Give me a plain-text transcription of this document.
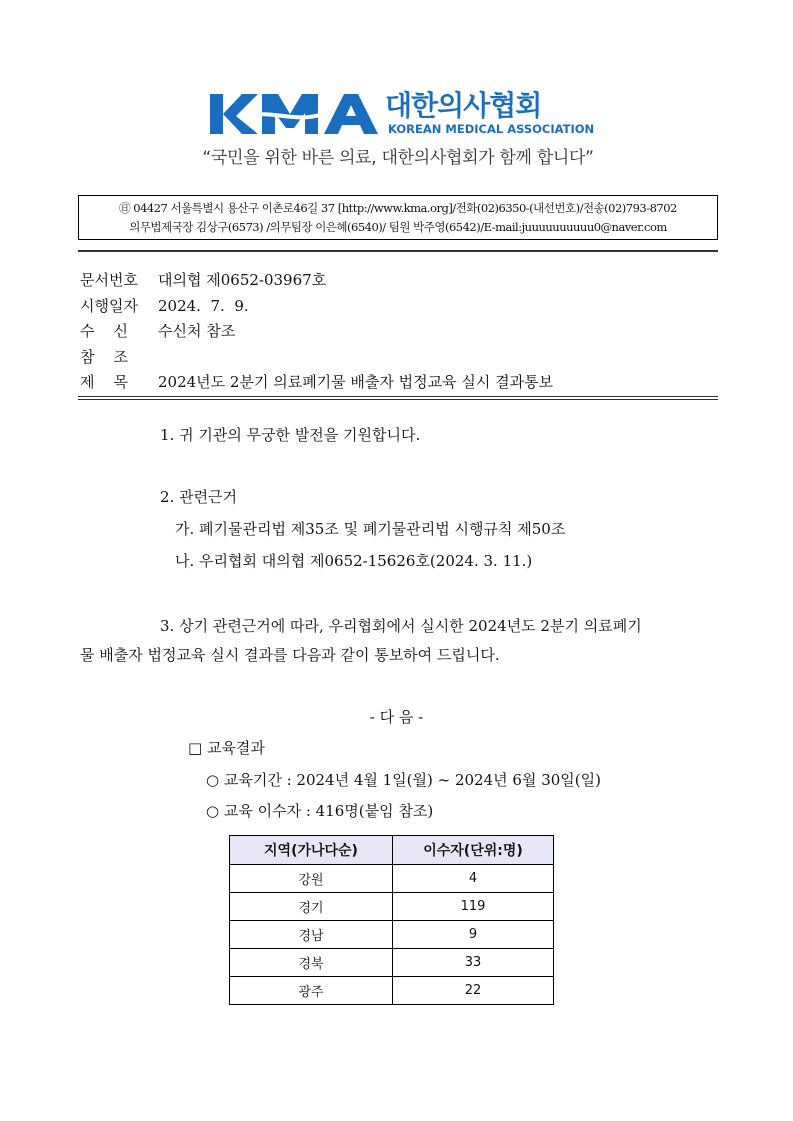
대한의사협회
KOREAN MEDICAL ASSOCIATION
“국민을 위한 바른 의료, 대한의사협회가 함께 합니다”
㊐ 04427 서울특별시 용산구 이촌로46길 37 [http://www.kma.org]/전화(02)6350-(내선번호)/전송(02)793-8702
의무법제국장 김상구(6573) /의무팀장 이은혜(6540)/ 팀원 박주영(6542)/E-mail:juuuuuuuuuu0@naver.com
문서번호 대의협 제0652-03967호
시행일자 2024.  7.  9.
수    신 수신처 참조
참    조
제    목 2024년도 2분기 의료폐기물 배출자 법정교육 실시 결과통보
1. 귀 기관의 무궁한 발전을 기원합니다.
2. 관련근거
가. 폐기물관리법 제35조 및 폐기물관리법 시행규칙 제50조
나. 우리협회 대의협 제0652-15626호(2024. 3. 11.)
3. 상기 관련근거에 따라, 우리협회에서 실시한 2024년도 2분기 의료폐기
물 배출자 법정교육 실시 결과를 다음과 같이 통보하여 드립니다.
- 다 음 -
□ 교육결과
○ 교육기간 : 2024년 4월 1일(월) ~ 2024년 6월 30일(일)
○ 교육 이수자 : 416명(붙임 참조)
지역(가나다순)	이수자(단위:명)
강원	4
경기	119
경남	9
경북	33
광주	22
